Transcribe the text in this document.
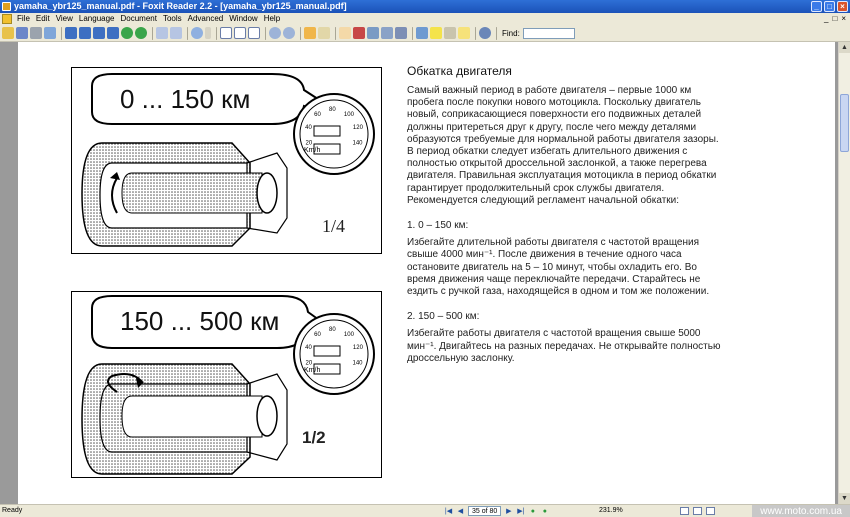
yamaha_ybr125_manual.pdf - Foxit Reader 2.2 - [yamaha_ybr125_manual.pdf]	_	□	×
File Edit View Language Document Tools Advanced Window Help	_ □ ×
Find:
20
40
60
80
100
120
140
Km/h
0 ... 150 км
1/4
20
40
60
80
100
120
140
Km/h
150 ... 500 км
1/2
Обкатка двигателя

Самый важный период в работе двигателя – первые 1000 км пробега после покупки нового мотоцикла. Поскольку двигатель новый, соприкасающиеся поверхности его подвижных деталей должны притереться друг к другу, после чего между деталями образуются требуемые для нормальной работы двигателя зазоры. В период обкатки следует избегать длительного движения с полностью открытой дроссельной заслонкой, а также перегрева двигателя. Правильная эксплуатация мотоцикла в период обкатки гарантирует продолжительный срок службы двигателя. Рекомендуется следующий регламент начальной обкатки:

1. 0 – 150 км:

Избегайте длительной работы двигателя с частотой вращения свыше 4000 мин⁻¹. После движения в течение одного часа остановите двигатель на 5 – 10 минут, чтобы охладить его. Во время движения чаще переключайте передачи. Старайтесь не ездить с ручкой газа, находящейся в одном и том же положении.

2. 150 – 500 км:

Избегайте работы двигателя с частотой вращения свыше 5000 мин⁻¹. Двигайтесь на разных передачах. Не открывайте полностью дроссельную заслонку.

▲
▼
Ready	|◀ ◀	35 of 80	▶ ▶| ●	●	231.9%	www.moto.com.ua
